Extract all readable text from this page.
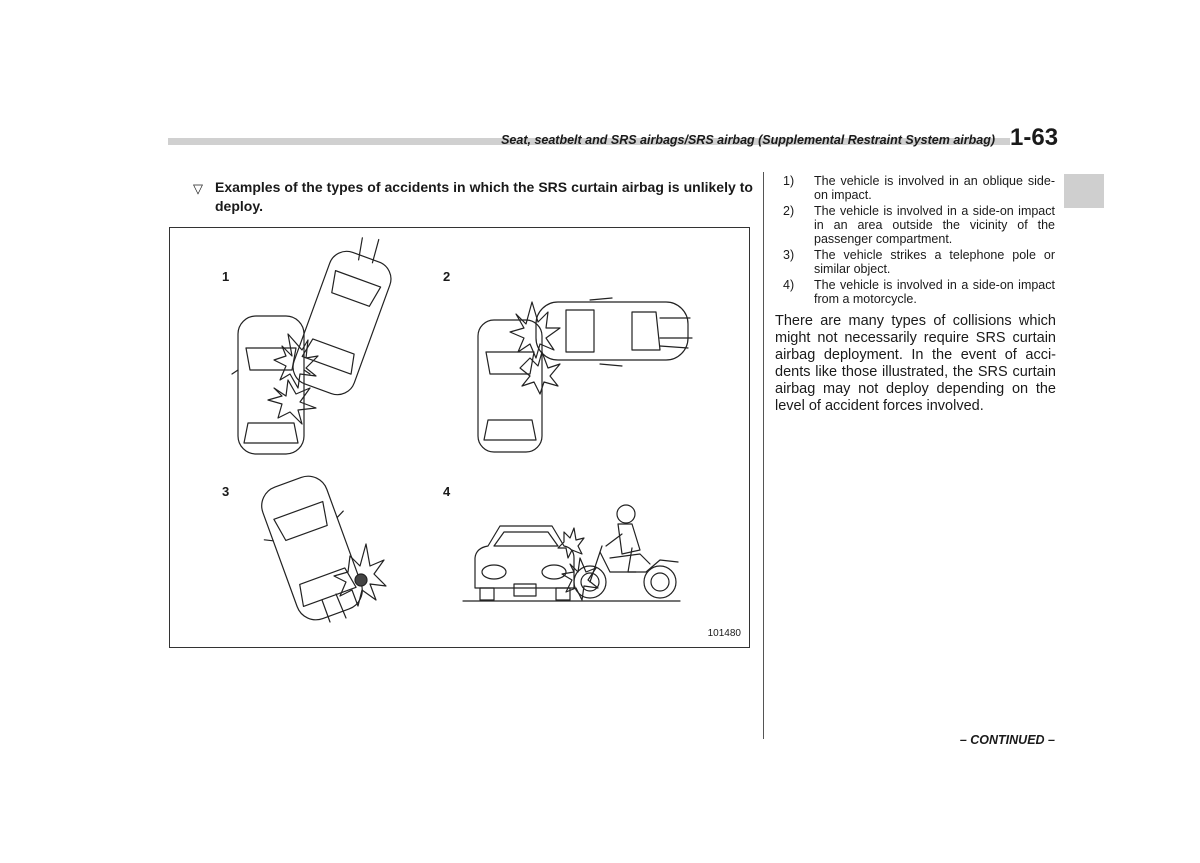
Seat, seatbelt and SRS airbags/SRS airbag (Supplemental Restraint System airbag) 1-63
▽ Examples of the types of accidents in which the SRS curtain airbag is unlikely to deploy.
1	2
3	4
101480
1) The vehicle is involved in an oblique side-on impact.
2) The vehicle is involved in a side-on impact in an area outside the vicinity of the passenger compartment.
3) The vehicle strikes a telephone pole or similar object.
4) The vehicle is involved in a side-on impact from a motorcycle.

There are many types of collisions which might not necessarily require SRS curtain airbag deployment. In the event of acci-dents like those illustrated, the SRS curtain airbag may not deploy depending on the level of accident forces involved.

– CONTINUED –
